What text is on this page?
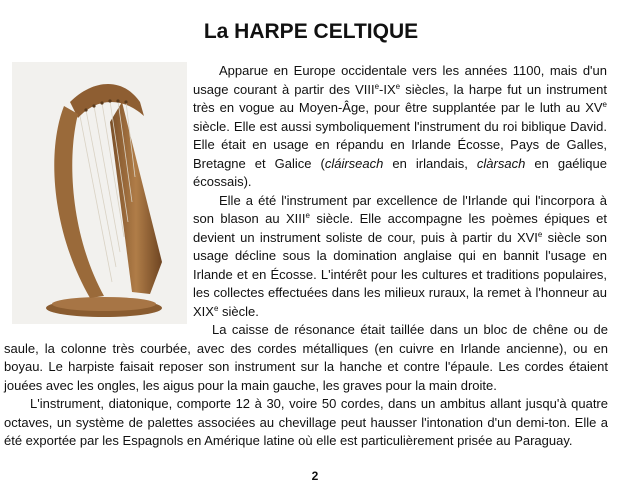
La HARPE CELTIQUE

Apparue en Europe occidentale vers les années 1100, mais d'un usage courant à partir des VIIIe-IXe siècles, la harpe fut un instrument très en vogue au Moyen-Âge, pour être supplantée par le luth au XVe siècle. Elle est aussi symboliquement l'instrument du roi biblique David. Elle était en usage en répandu en Irlande Écosse, Pays de Galles, Bretagne et Galice (cláirseach en irlandais, clàrsach en gaélique écossais).

Elle a été l'instrument par excellence de l'Irlande qui l'incorpora à son blason au XIIIe siècle. Elle accompagne les poèmes épiques et devient un instrument soliste de cour, puis à partir du XVIe siècle son usage décline sous la domination anglaise qui en bannit l'usage en Irlande et en Écosse. L'intérêt pour les cultures et traditions populaires, les collectes effectuées dans les milieux ruraux, la remet à l'honneur au XIXe siècle.

La caisse de résonance était taillée dans un bloc de chêne ou de saule, la colonne très courbée, avec des cordes métalliques (en cuivre en Irlande ancienne), ou en boyau. Le harpiste faisait reposer son instrument sur la hanche et contre l'épaule. Les cordes étaient jouées avec les ongles, les aigus pour la main gauche, les graves pour la main droite.

L'instrument, diatonique, comporte 12 à 30, voire 50 cordes, dans un ambitus allant jusqu'à quatre octaves, un système de palettes associées au chevillage peut hausser l'intonation d'un demi-ton. Elle a été exportée par les Espagnols en Amérique latine où elle est particulièrement prisée au Paraguay.

2
